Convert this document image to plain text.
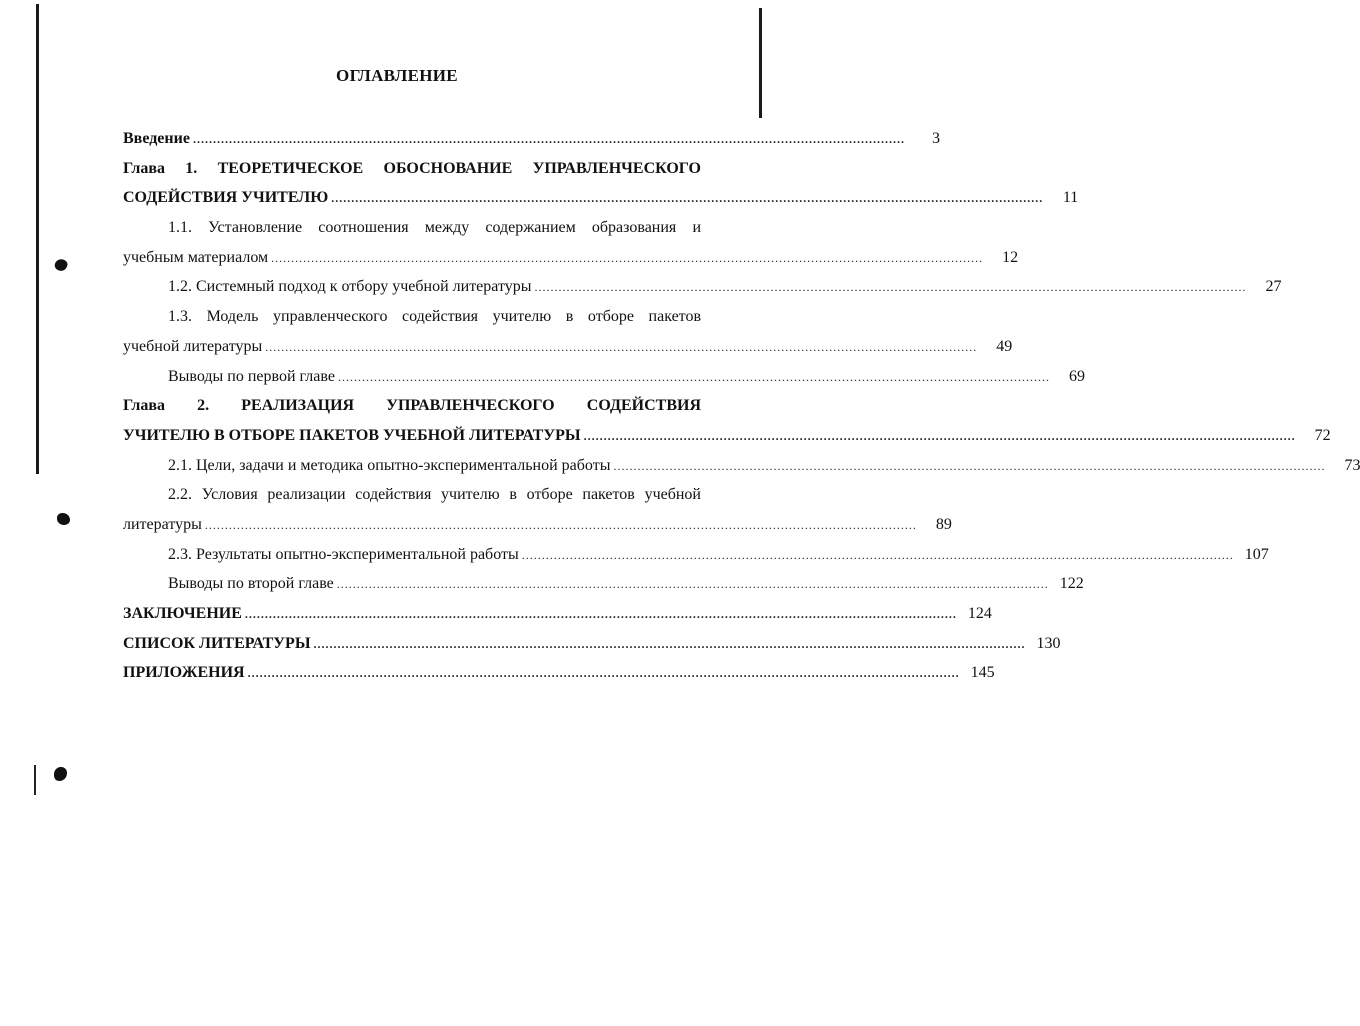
ОГЛАВЛЕНИЕ
Введение ..................................................................................................................................................................................	3
Глава 1. ТЕОРЕТИЧЕСКОЕ ОБОСНОВАНИЕ УПРАВЛЕНЧЕСКОГО
СОДЕЙСТВИЯ УЧИТЕЛЮ ..................................................................................................................................................................................	11
1.1. Установление соотношения между содержанием образования и
учебным материалом ..................................................................................................................................................................................	12
1.2. Системный подход к отбору учебной литературы ..................................................................................................................................................................................	27
1.3. Модель управленческого содействия учителю в отборе пакетов
учебной литературы ..................................................................................................................................................................................	49
Выводы по первой главе ..................................................................................................................................................................................	69
Глава 2. РЕАЛИЗАЦИЯ УПРАВЛЕНЧЕСКОГО СОДЕЙСТВИЯ
УЧИТЕЛЮ В ОТБОРЕ ПАКЕТОВ УЧЕБНОЙ ЛИТЕРАТУРЫ ..................................................................................................................................................................................	72
2.1. Цели, задачи и методика опытно-экспериментальной работы ..................................................................................................................................................................................	73
2.2. Условия реализации содействия учителю в отборе пакетов учебной
литературы ..................................................................................................................................................................................	89
2.3. Результаты опытно-экспериментальной работы .................................................................................................................................................................................. 107
Выводы по второй главе .................................................................................................................................................................................. 122
ЗАКЛЮЧЕНИЕ .................................................................................................................................................................................. 124
СПИСОК ЛИТЕРАТУРЫ .................................................................................................................................................................................. 130
ПРИЛОЖЕНИЯ .................................................................................................................................................................................. 145
